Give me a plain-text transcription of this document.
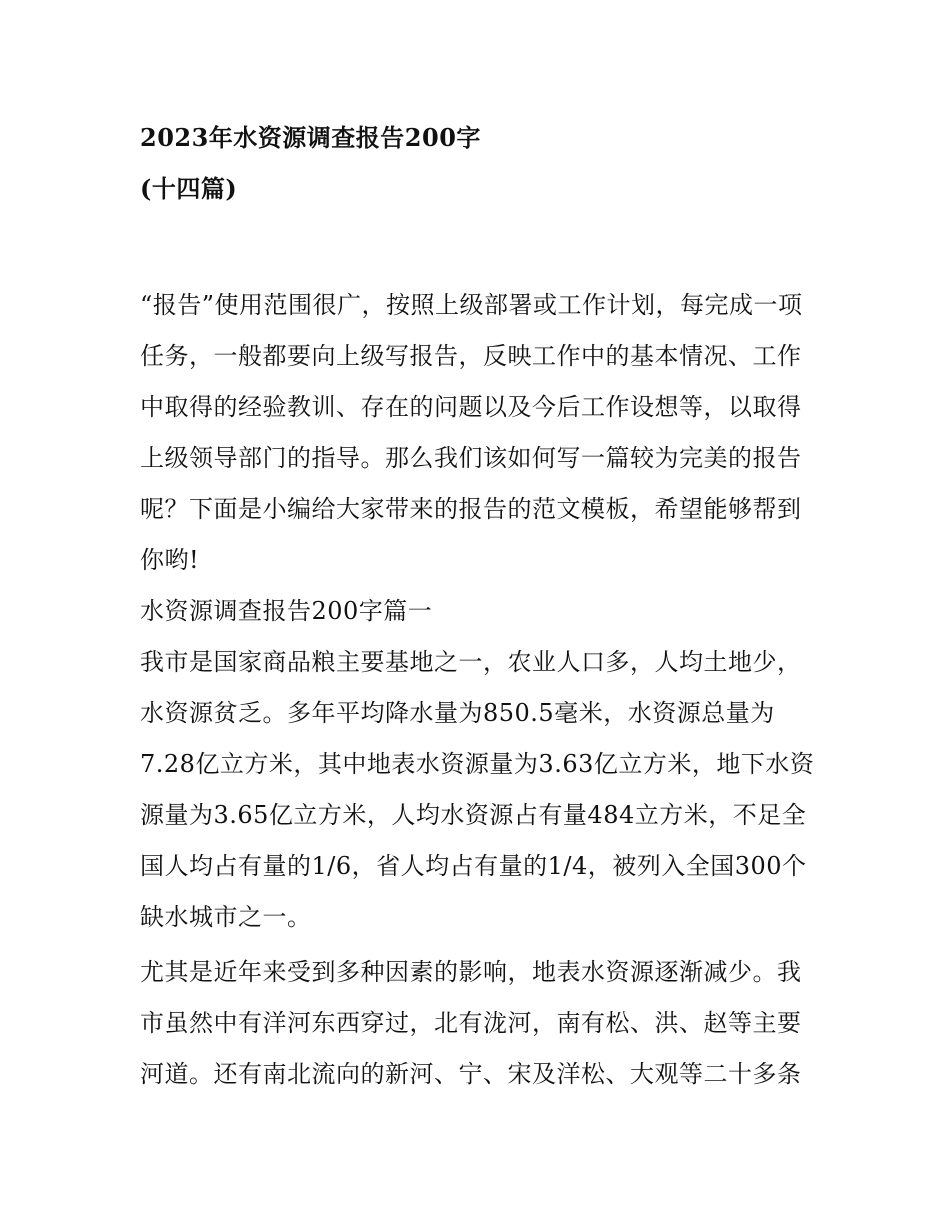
2023年水资源调查报告200字
(十四篇)
“报告”使用范围很广，按照上级部署或工作计划，每完成一项
任务，一般都要向上级写报告，反映工作中的基本情况、工作
中取得的经验教训、存在的问题以及今后工作设想等，以取得
上级领导部门的指导。那么我们该如何写一篇较为完美的报告
呢？下面是小编给大家带来的报告的范文模板，希望能够帮到
你哟!
水资源调查报告200字篇一
我市是国家商品粮主要基地之一，农业人口多，人均土地少，
水资源贫乏。多年平均降水量为850.5毫米，水资源总量为
7.28亿立方米，其中地表水资源量为3.63亿立方米，地下水资
源量为3.65亿立方米，人均水资源占有量484立方米，不足全
国人均占有量的1/6，省人均占有量的1/4，被列入全国300个
缺水城市之一。
尤其是近年来受到多种因素的影响，地表水资源逐渐减少。我
市虽然中有洋河东西穿过，北有泷河，南有松、洪、赵等主要
河道。还有南北流向的新河、宁、宋及洋松、大观等二十多条
